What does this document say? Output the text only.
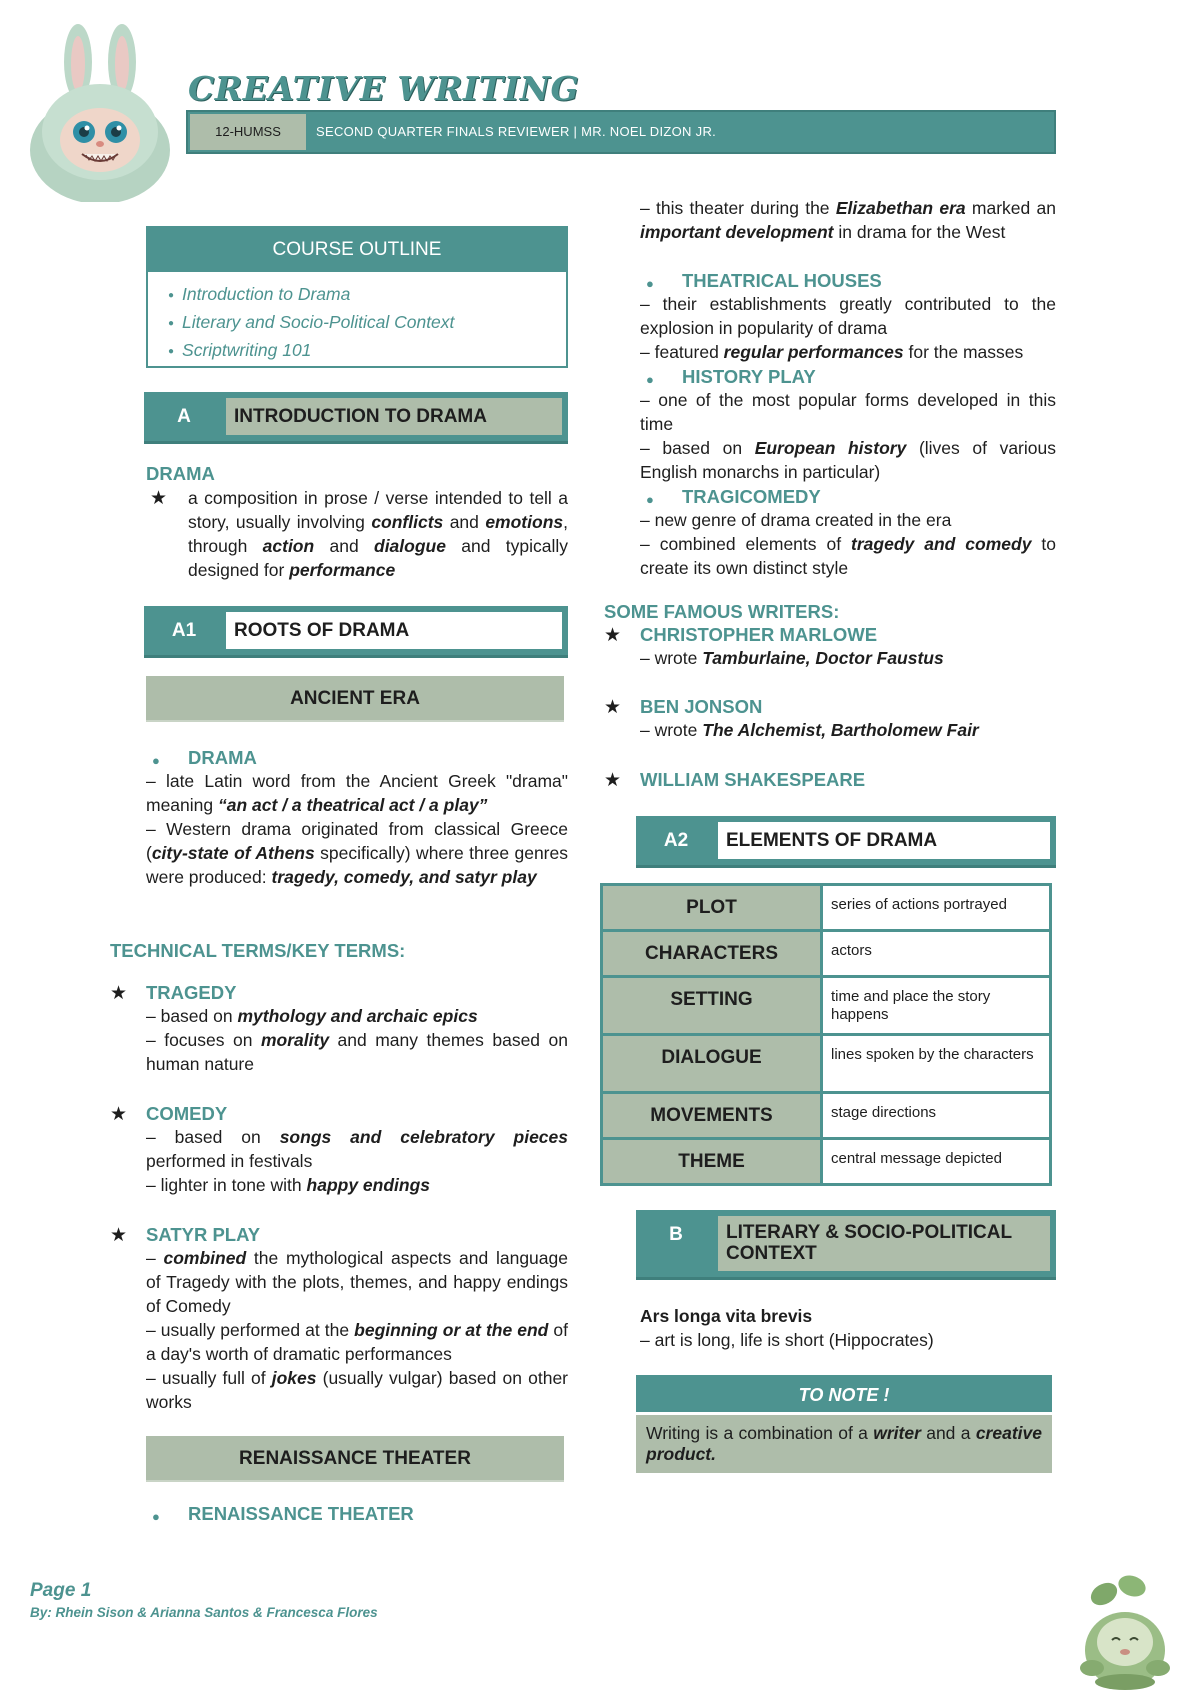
CREATIVE WRITING
12-HUMSS	SECOND QUARTER FINALS REVIEWER | MR. NOEL DIZON JR.
COURSE OUTLINE
● Introduction to Drama
● Literary and Socio-Political Context
● Scriptwriting 101
A	INTRODUCTION TO DRAMA
DRAMA
★ a composition in prose / verse intended to tell a story, usually involving conflicts and emotions, through action and dialogue and typically designed for performance
A1	ROOTS OF DRAMA
ANCIENT ERA
● DRAMA
– late Latin word from the Ancient Greek "drama" meaning “an act / a theatrical act / a play”
– Western drama originated from classical Greece (city-state of Athens specifically) where three genres were produced: tragedy, comedy, and satyr play
TECHNICAL TERMS/KEY TERMS:
★ TRAGEDY
– based on mythology and archaic epics
– focuses on morality and many themes based on human nature
★ COMEDY
– based on songs and celebratory pieces performed in festivals
– lighter in tone with happy endings
★ SATYR PLAY
– combined the mythological aspects and language of Tragedy with the plots, themes, and happy endings of Comedy
– usually performed at the beginning or at the end of a day's worth of dramatic performances
– usually full of jokes (usually vulgar) based on other works
RENAISSANCE THEATER
● RENAISSANCE THEATER
– this theater during the Elizabethan era marked an important development in drama for the West
● THEATRICAL HOUSES
– their establishments greatly contributed to the explosion in popularity of drama
– featured regular performances for the masses
● HISTORY PLAY
– one of the most popular forms developed in this time
– based on European history (lives of various English monarchs in particular)
● TRAGICOMEDY
– new genre of drama created in the era
– combined elements of tragedy and comedy to create its own distinct style
SOME FAMOUS WRITERS:
★ CHRISTOPHER MARLOWE
– wrote Tamburlaine, Doctor Faustus
★ BEN JONSON
– wrote The Alchemist, Bartholomew Fair
★ WILLIAM SHAKESPEARE
A2	ELEMENTS OF DRAMA
PLOT	series of actions portrayed
CHARACTERS	actors
SETTING	time and place the story happens
DIALOGUE	lines spoken by the characters
MOVEMENTS	stage directions
THEME	central message depicted
B	LITERARY & SOCIO-POLITICAL CONTEXT
Ars longa vita brevis
– art is long, life is short (Hippocrates)
TO NOTE !
Writing is a combination of a writer and a creative product.
Page 1
By: Rhein Sison & Arianna Santos & Francesca Flores
